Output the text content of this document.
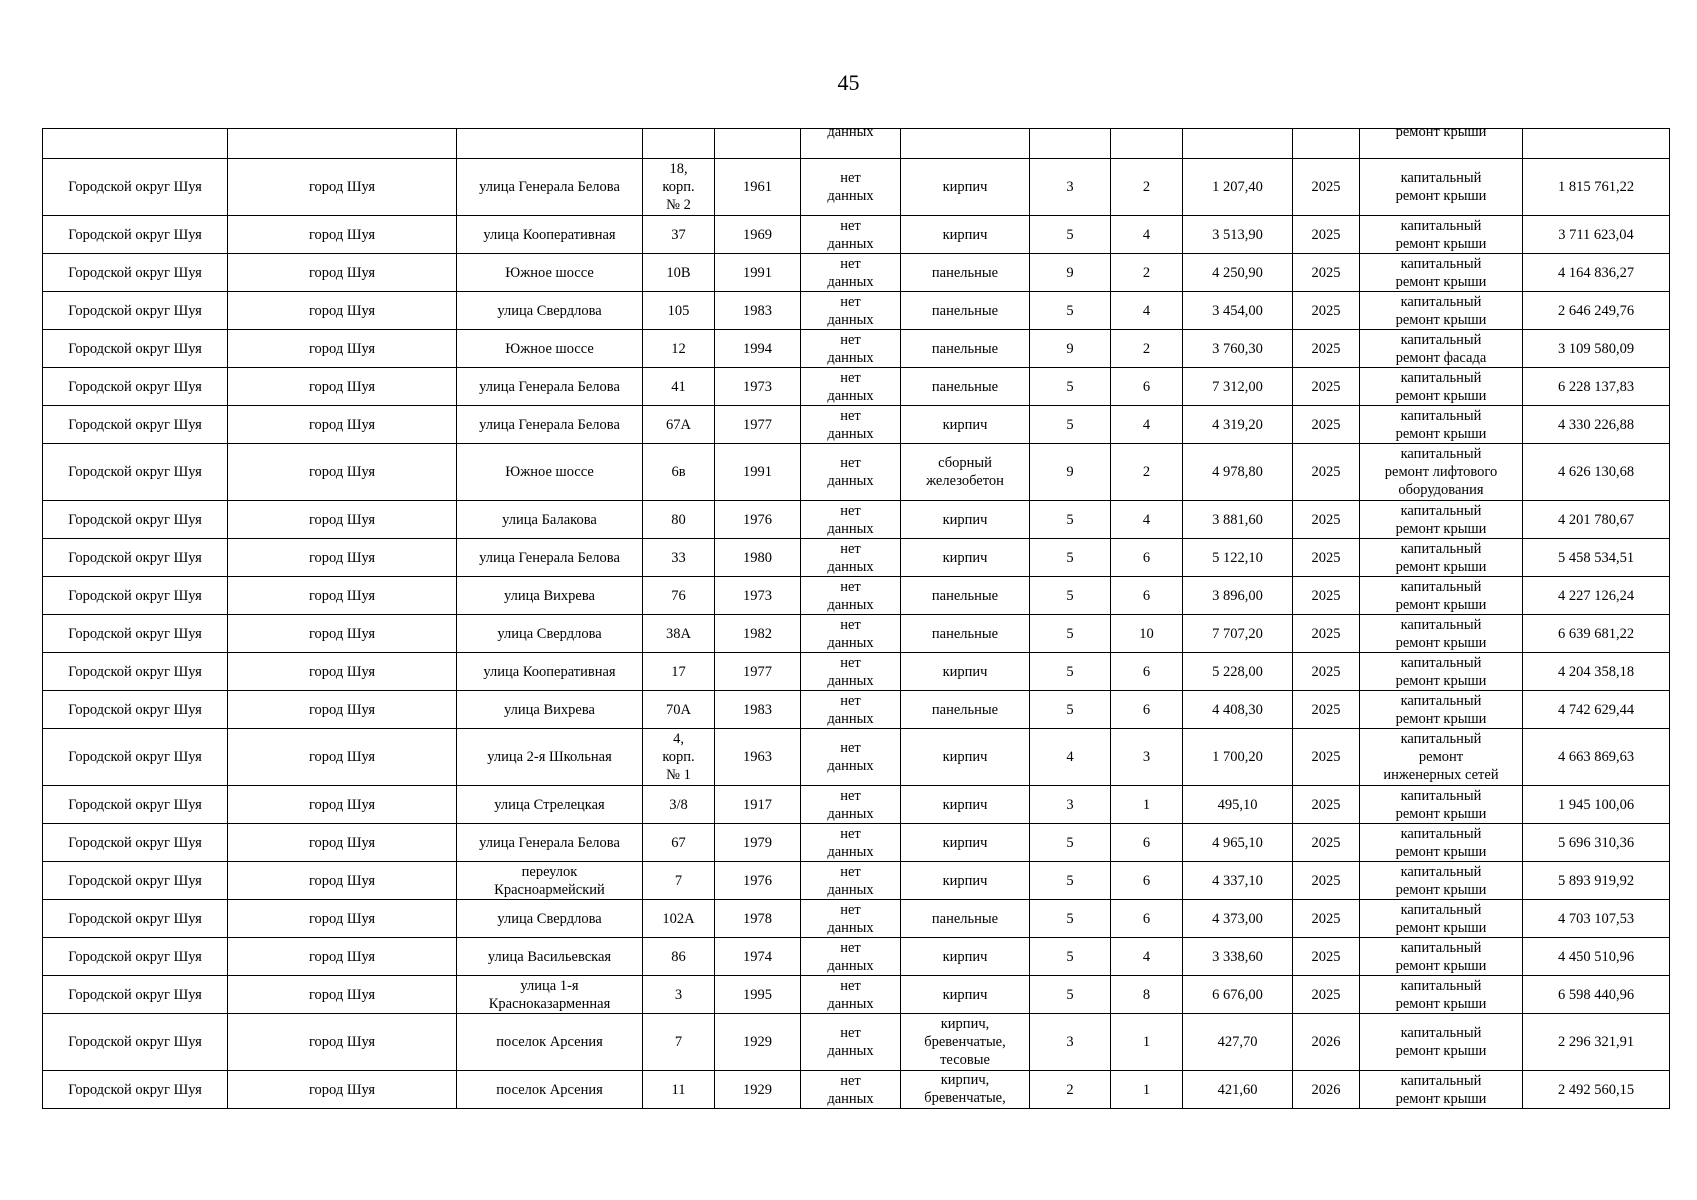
45

					данных						ремонт крыши	

Городской округ Шуя	город Шуя	улица Генерала Белова	18,
корп.
№ 2	1961	нет
данных	кирпич	3	2	1 207,40	2025	капитальный
ремонт крыши	1 815 761,22
Городской округ Шуя	город Шуя	улица Кооперативная	37	1969	нет
данных	кирпич	5	4	3 513,90	2025	капитальный
ремонт крыши	3 711 623,04
Городской округ Шуя	город Шуя	Южное шоссе	10В	1991	нет
данных	панельные	9	2	4 250,90	2025	капитальный
ремонт крыши	4 164 836,27
Городской округ Шуя	город Шуя	улица Свердлова	105	1983	нет
данных	панельные	5	4	3 454,00	2025	капитальный
ремонт крыши	2 646 249,76
Городской округ Шуя	город Шуя	Южное шоссе	12	1994	нет
данных	панельные	9	2	3 760,30	2025	капитальный
ремонт фасада	3 109 580,09
Городской округ Шуя	город Шуя	улица Генерала Белова	41	1973	нет
данных	панельные	5	6	7 312,00	2025	капитальный
ремонт крыши	6 228 137,83
Городской округ Шуя	город Шуя	улица Генерала Белова	67А	1977	нет
данных	кирпич	5	4	4 319,20	2025	капитальный
ремонт крыши	4 330 226,88
Городской округ Шуя	город Шуя	Южное шоссе	6в	1991	нет
данных	сборный
железобетон	9	2	4 978,80	2025	капитальный
ремонт лифтового
оборудования	4 626 130,68
Городской округ Шуя	город Шуя	улица Балакова	80	1976	нет
данных	кирпич	5	4	3 881,60	2025	капитальный
ремонт крыши	4 201 780,67
Городской округ Шуя	город Шуя	улица Генерала Белова	33	1980	нет
данных	кирпич	5	6	5 122,10	2025	капитальный
ремонт крыши	5 458 534,51
Городской округ Шуя	город Шуя	улица Вихрева	76	1973	нет
данных	панельные	5	6	3 896,00	2025	капитальный
ремонт крыши	4 227 126,24
Городской округ Шуя	город Шуя	улица Свердлова	38А	1982	нет
данных	панельные	5	10	7 707,20	2025	капитальный
ремонт крыши	6 639 681,22
Городской округ Шуя	город Шуя	улица Кооперативная	17	1977	нет
данных	кирпич	5	6	5 228,00	2025	капитальный
ремонт крыши	4 204 358,18
Городской округ Шуя	город Шуя	улица Вихрева	70А	1983	нет
данных	панельные	5	6	4 408,30	2025	капитальный
ремонт крыши	4 742 629,44
Городской округ Шуя	город Шуя	улица 2-я Школьная	4,
корп.
№ 1	1963	нет
данных	кирпич	4	3	1 700,20	2025	капитальный
ремонт
инженерных сетей	4 663 869,63
Городской округ Шуя	город Шуя	улица Стрелецкая	3/8	1917	нет
данных	кирпич	3	1	495,10	2025	капитальный
ремонт крыши	1 945 100,06
Городской округ Шуя	город Шуя	улица Генерала Белова	67	1979	нет
данных	кирпич	5	6	4 965,10	2025	капитальный
ремонт крыши	5 696 310,36
Городской округ Шуя	город Шуя	переулок
Красноармейский	7	1976	нет
данных	кирпич	5	6	4 337,10	2025	капитальный
ремонт крыши	5 893 919,92
Городской округ Шуя	город Шуя	улица Свердлова	102А	1978	нет
данных	панельные	5	6	4 373,00	2025	капитальный
ремонт крыши	4 703 107,53
Городской округ Шуя	город Шуя	улица Васильевская	86	1974	нет
данных	кирпич	5	4	3 338,60	2025	капитальный
ремонт крыши	4 450 510,96
Городской округ Шуя	город Шуя	улица 1-я
Красноказарменная	3	1995	нет
данных	кирпич	5	8	6 676,00	2025	капитальный
ремонт крыши	6 598 440,96
Городской округ Шуя	город Шуя	поселок Арсения	7	1929	нет
данных	кирпич,
бревенчатые,
тесовые	3	1	427,70	2026	капитальный
ремонт крыши	2 296 321,91
Городской округ Шуя	город Шуя	поселок Арсения	11	1929	нет
данных	кирпич,
бревенчатые,	2	1	421,60	2026	капитальный
ремонт крыши	2 492 560,15
